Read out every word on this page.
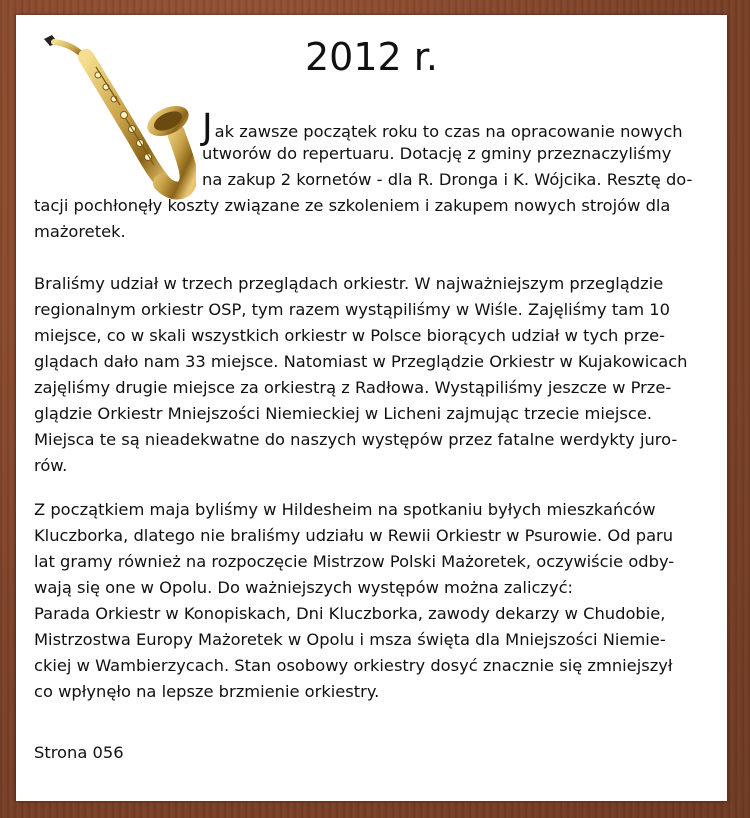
2012 r.
Jak zawsze początek roku to czas na opracowanie nowych
utworów do repertuaru. Dotację z gminy przeznaczyliśmy
na zakup 2 kornetów - dla R. Dronga i K. Wójcika. Resztę do-
tacji pochłonęły koszty związane ze szkoleniem i zakupem nowych strojów dla
mażoretek.
Braliśmy udział w trzech przeglądach orkiestr. W najważniejszym przeglądzie
regionalnym orkiestr OSP, tym razem wystąpiliśmy w Wiśle. Zajęliśmy tam 10
miejsce, co w skali wszystkich orkiestr w Polsce biorących udział w tych prze-
glądach dało nam 33 miejsce. Natomiast w Przeglądzie Orkiestr w Kujakowicach
zajęliśmy drugie miejsce za orkiestrą z Radłowa. Wystąpiliśmy jeszcze w Prze-
glądzie Orkiestr Mniejszości Niemieckiej w Licheni zajmując trzecie miejsce.
Miejsca te są nieadekwatne do naszych występów przez fatalne werdykty juro-
rów.
Z początkiem maja byliśmy w Hildesheim na spotkaniu byłych mieszkańców
Kluczborka, dlatego nie braliśmy udziału w Rewii Orkiestr w Psurowie. Od paru
lat gramy również na rozpoczęcie Mistrzow Polski Mażoretek, oczywiście odby-
wają się one w Opolu. Do ważniejszych występów można zaliczyć:
Parada Orkiestr w Konopiskach, Dni Kluczborka, zawody dekarzy w Chudobie,
Mistrzostwa Europy Mażoretek w Opolu i msza święta dla Mniejszości Niemie-
ckiej w Wambierzycach. Stan osobowy orkiestry dosyć znacznie się zmniejszył
co wpłynęło na lepsze brzmienie orkiestry.
Strona 056
